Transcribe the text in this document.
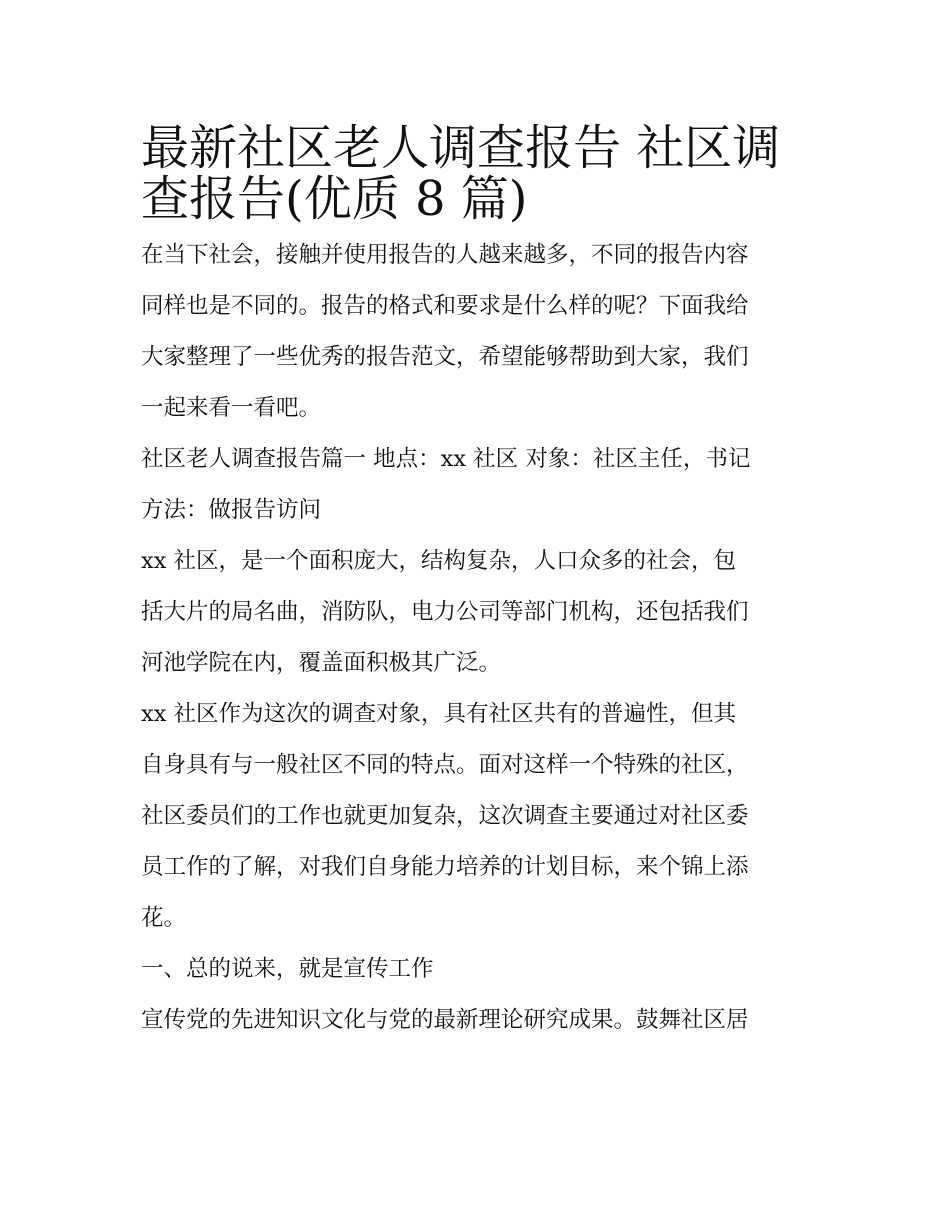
最新社区老人调查报告 社区调
查报告(优质 8 篇)

在当下社会，接触并使用报告的人越来越多，不同的报告内容
同样也是不同的。报告的格式和要求是什么样的呢？下面我给
大家整理了一些优秀的报告范文，希望能够帮助到大家，我们
一起来看一看吧。

社区老人调查报告篇一 地点：xx 社区 对象：社区主任，书记
方法：做报告访问

xx 社区，是一个面积庞大，结构复杂，人口众多的社会，包
括大片的局名曲，消防队，电力公司等部门机构，还包括我们
河池学院在内，覆盖面积极其广泛。

xx 社区作为这次的调查对象，具有社区共有的普遍性，但其
自身具有与一般社区不同的特点。面对这样一个特殊的社区，
社区委员们的工作也就更加复杂，这次调查主要通过对社区委
员工作的了解，对我们自身能力培养的计划目标，来个锦上添
花。

一、总的说来，就是宣传工作

宣传党的先进知识文化与党的最新理论研究成果。鼓舞社区居
